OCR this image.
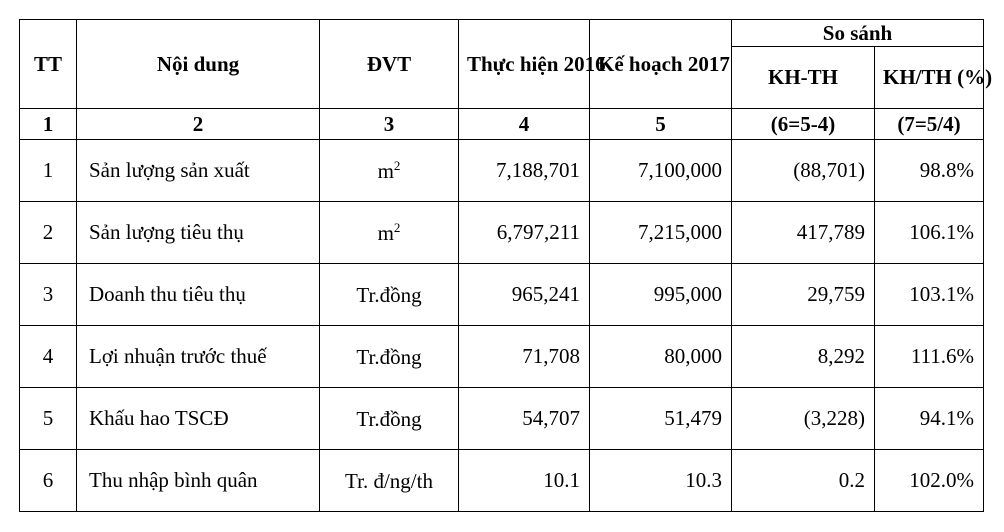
TT	Nội dung	ĐVT	Thực hiện 2016	Kế hoạch 2017	So sánh	
					KH-TH	KH/TH (%)
1	2	3	4	5	(6=5-4)	(7=5/4)
1	Sản lượng sản xuất	$m^2$	7,188,701	7,100,000	(88,701)	98.8%
2	Sản lượng tiêu thụ	$m^2$	6,797,211	7,215,000	417,789	106.1%
3	Doanh thu tiêu thụ	Tr.đồng	965,241	995,000	29,759	103.1%
4	Lợi nhuận trước thuế	Tr.đồng	71,708	80,000	8,292	111.6%
5	Khấu hao TSCĐ	Tr.đồng	54,707	51,479	(3,228)	94.1%
6	Thu nhập bình quân	Tr. đ/ng/th	10.1	10.3	0.2	102.0%
